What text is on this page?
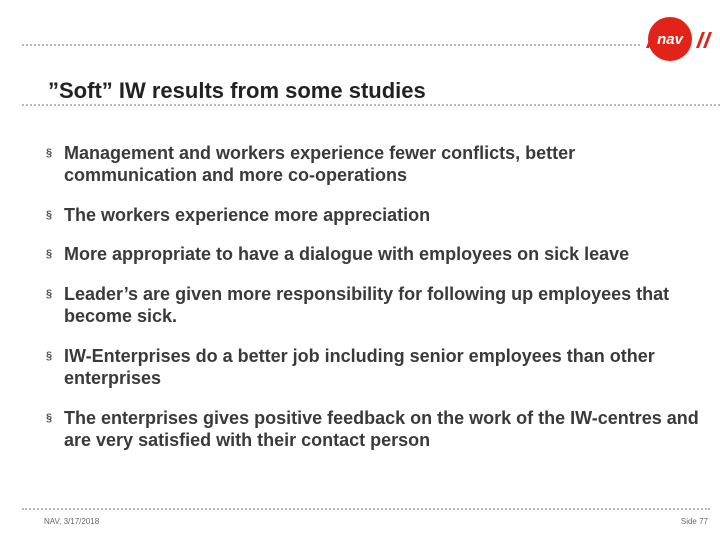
nav
”Soft” IW results from some studies
§ Management and workers experience fewer conflicts, better communication and more co-operations
§ The workers experience more appreciation
§ More appropriate to have a dialogue with employees on sick leave
§ Leader’s are given more responsibility for following up employees that become sick.
§ IW-Enterprises do a better job including senior employees than other enterprises
§ The enterprises gives positive feedback on the work of the IW-centres and are very satisfied with their contact person
NAV, 3/17/2018	Side 77
